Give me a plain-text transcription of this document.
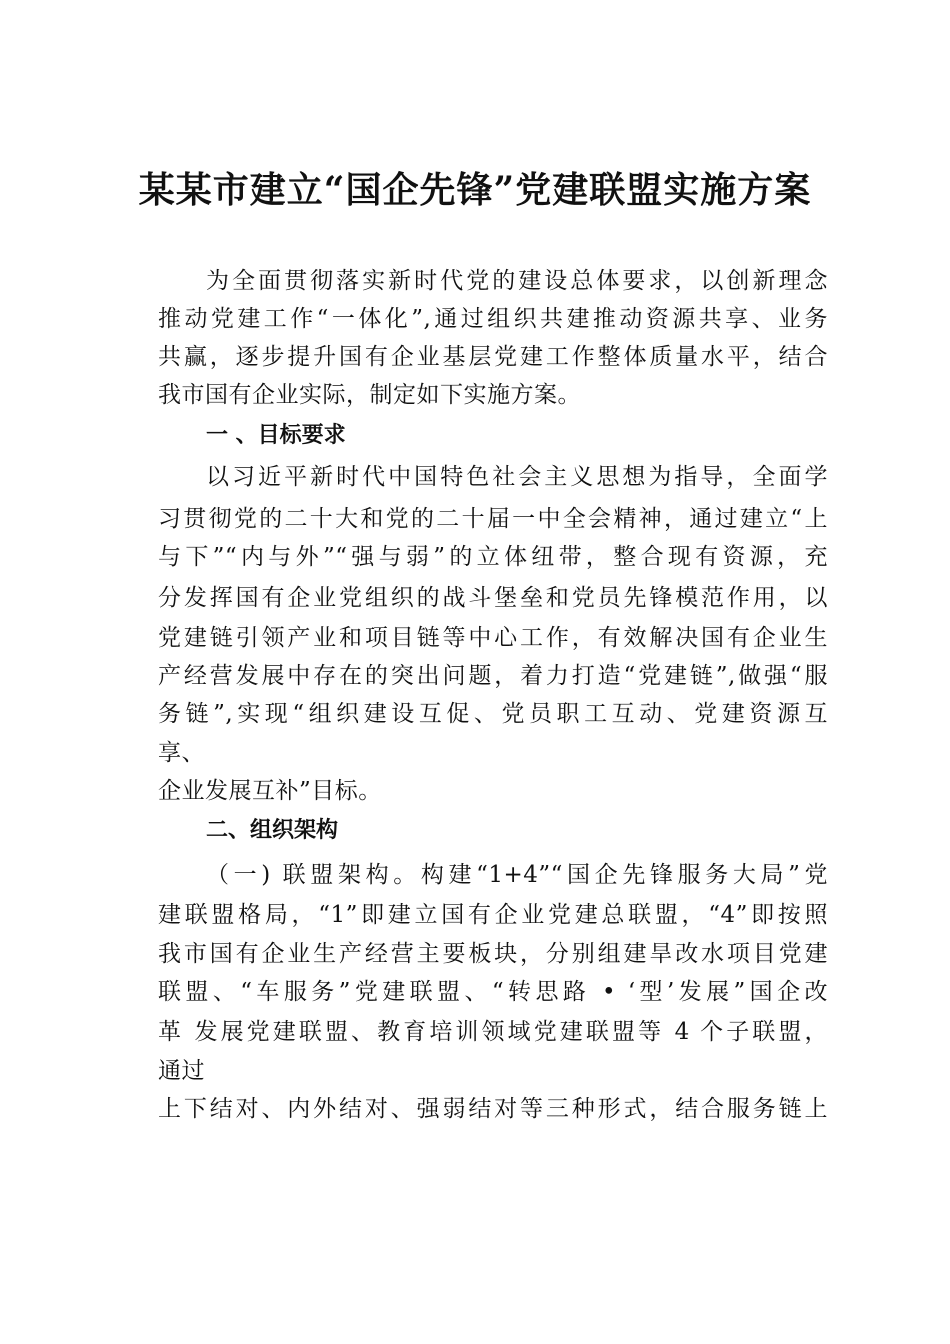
某某市建立“国企先锋”党建联盟实施方案
为全面贯彻落实新时代党的建设总体要求，以创新理念
推动党建工作“一体化”,通过组织共建推动资源共享、业务
共赢，逐步提升国有企业基层党建工作整体质量水平，结合
我市国有企业实际，制定如下实施方案。
一 、目标要求
以习近平新时代中国特色社会主义思想为指导，全面学
习贯彻党的二十大和党的二十届一中全会精神，通过建立“上
与下”“内与外”“强与弱”的立体纽带，整合现有资源，充
分发挥国有企业党组织的战斗堡垒和党员先锋模范作用，以
党建链引领产业和项目链等中心工作，有效解决国有企业生
产经营发展中存在的突出问题，着力打造“党建链”,做强“服
务链”,实现“组织建设互促、党员职工互动、党建资源互
享、
企业发展互补”目标。
二、组织架构
（一) 联盟架构。构建“1+4”“国企先锋服务大局”党
建联盟格局，“1”即建立国有企业党建总联盟，“4”即按照
我市国有企业生产经营主要板块，分别组建旱改水项目党建
联盟、“车服务”党建联盟、“转思路 • ‘型’发展”国企改
革 发展党建联盟、教育培训领域党建联盟等 4 个子联盟，
通过
上下结对、内外结对、强弱结对等三种形式，结合服务链上
